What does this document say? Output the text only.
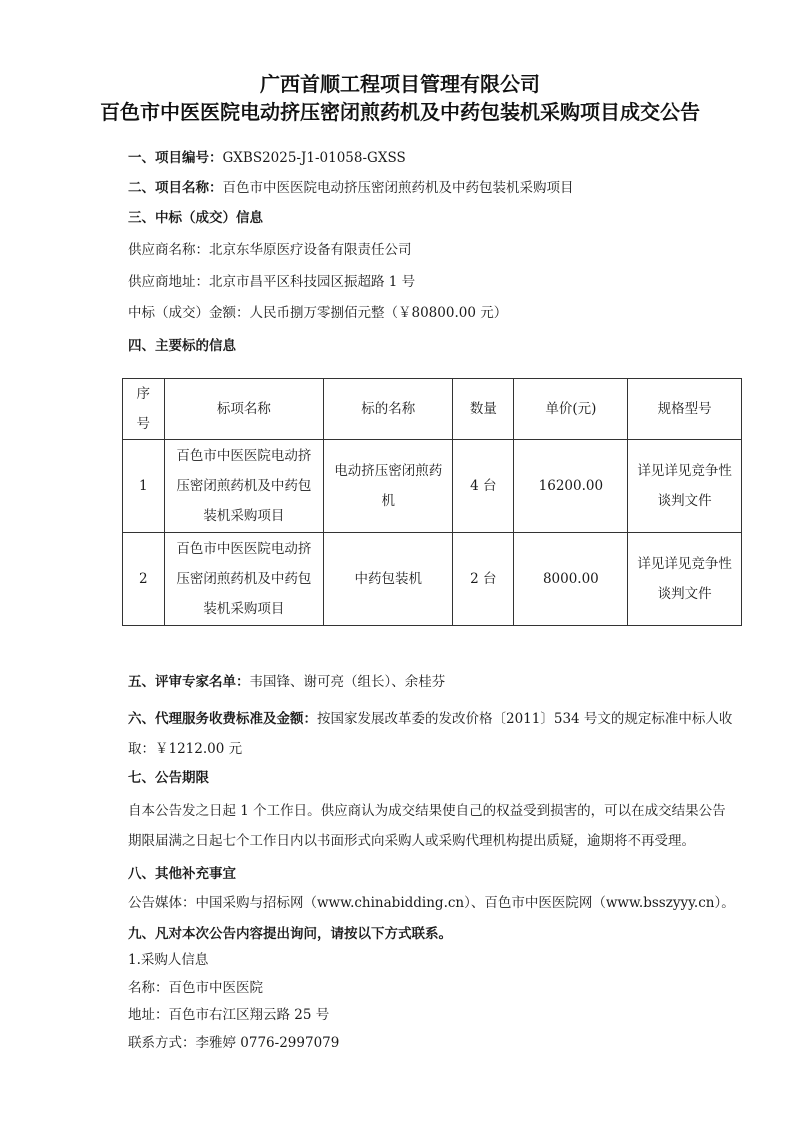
广西首顺工程项目管理有限公司
百色市中医医院电动挤压密闭煎药机及中药包装机采购项目成交公告
一、项目编号：GXBS2025-J1-01058-GXSS
二、项目名称：百色市中医医院电动挤压密闭煎药机及中药包装机采购项目
三、中标（成交）信息
供应商名称：北京东华原医疗设备有限责任公司
供应商地址：北京市昌平区科技园区振超路 1 号
中标（成交）金额：人民币捌万零捌佰元整（￥80800.00 元）
四、主要标的信息
序
号	标项名称	标的名称	数量	单价(元)	规格型号
1	百色市中医医院电动挤压密闭煎药机及中药包装机采购项目	电动挤压密闭煎药机	4 台	16200.00	详见详见竞争性谈判文件
2	百色市中医医院电动挤压密闭煎药机及中药包装机采购项目	中药包装机	2 台	8000.00	详见详见竞争性谈判文件
五、评审专家名单：韦国锋、谢可亮（组长）、余桂芬
六、代理服务收费标准及金额：按国家发展改革委的发改价格〔2011〕534 号文的规定标准中标人收取：￥1212.00 元
七、公告期限
自本公告发之日起 1 个工作日。供应商认为成交结果使自己的权益受到损害的，可以在成交结果公告期限届满之日起七个工作日内以书面形式向采购人或采购代理机构提出质疑，逾期将不再受理。
八、其他补充事宜
公告媒体：中国采购与招标网（www.chinabidding.cn）、百色市中医医院网（www.bsszyyy.cn）。
九、凡对本次公告内容提出询问，请按以下方式联系。
1.采购人信息
名称：百色市中医医院
地址：百色市右江区翔云路 25 号
联系方式：李雅婷 0776-2997079
